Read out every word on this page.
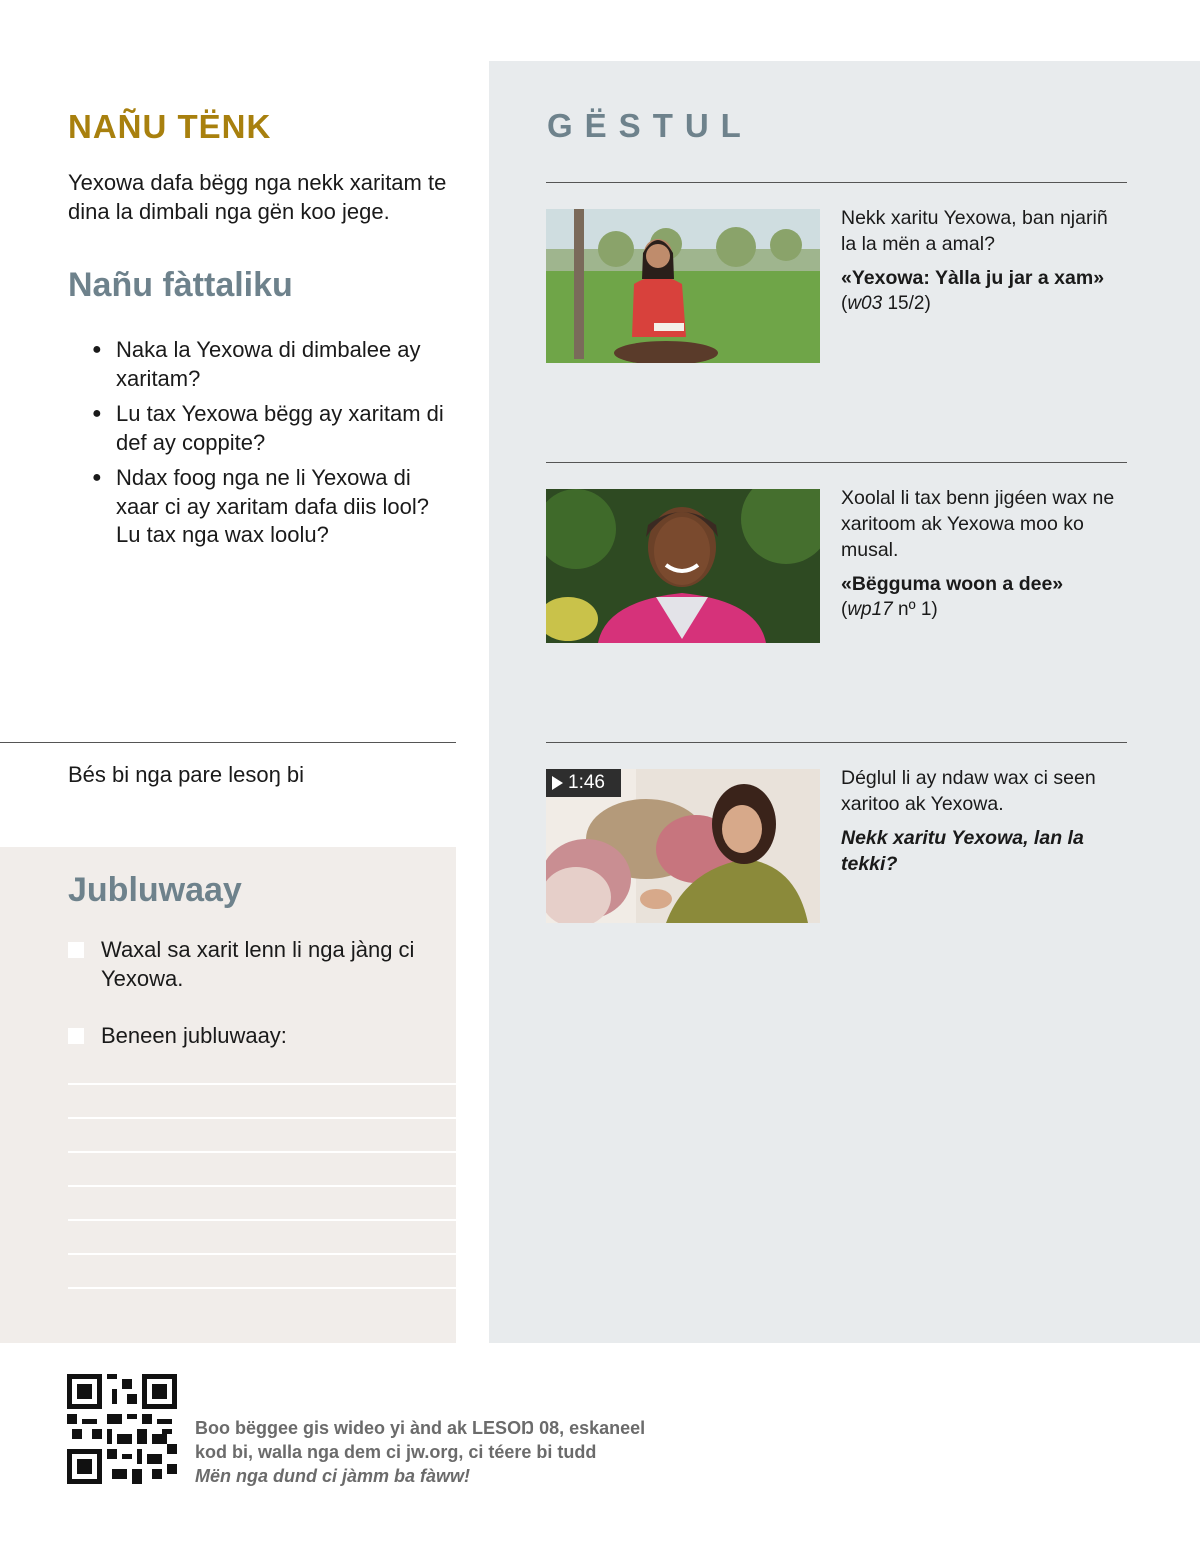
NAÑU TËNK

Yexowa dafa bëgg nga nekk xaritam te dina la dimbali nga gën koo jege.

Nañu fàttaliku
● Naka la Yexowa di dimbalee ay xaritam?
● Lu tax Yexowa bëgg ay xaritam di def ay coppite?
● Ndax foog nga ne li Yexowa di xaar ci ay xaritam dafa diis lool? Lu tax nga wax loolu?

Bés bi nga pare lesoŋ bi

Jubluwaay
Waxal sa xarit lenn li nga jàng ci Yexowa.
Beneen jubluwaay:
GËSTUL

Nekk xaritu Yexowa, ban njariñ la la mën a amal?

«Yexowa: Yàlla ju jar a xam»

(w03 15/2)

Xoolal li tax benn jigéen wax ne xaritoom ak Yexowa moo ko musal.

«Bëgguma woon a dee»

(wp17 nº 1)

1:46	Déglul li ay ndaw wax ci seen xaritoo ak Yexowa.

Nekk xaritu Yexowa, lan la tekki?

Boo bëggee gis wideo yi ànd ak LESOŊ 08, eskaneel

kod bi, walla nga dem ci jw.org, ci téere bi tudd

Mën nga dund ci jàmm ba fàww!
